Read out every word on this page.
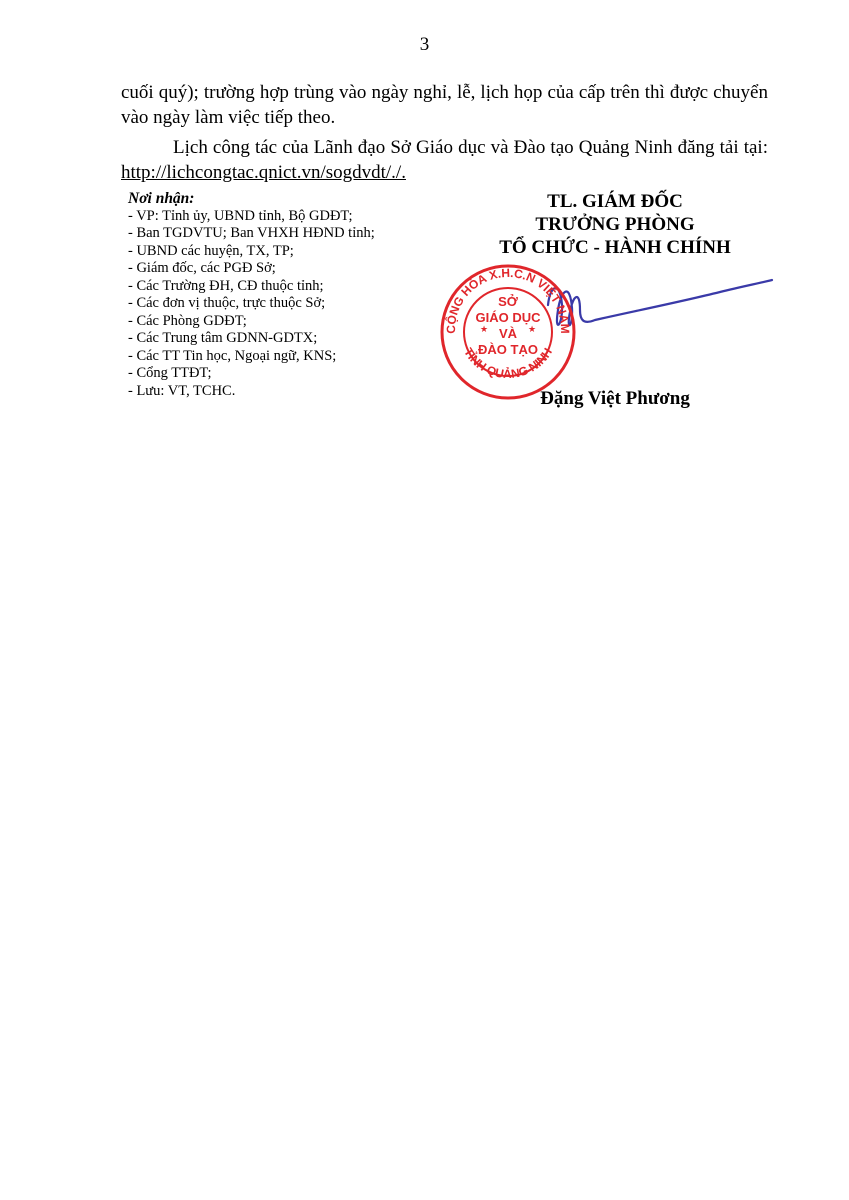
3

cuối quý); trường hợp trùng vào ngày nghỉ, lễ, lịch họp của cấp trên thì được chuyển vào ngày làm việc tiếp theo.

Lịch công tác của Lãnh đạo Sở Giáo dục và Đào tạo Quảng Ninh đăng tải tại: http://lichcongtac.qnict.vn/sogdvdt/./.

Nơi nhận:
- VP: Tỉnh ủy, UBND tỉnh, Bộ GDĐT;
- Ban TGDVTU; Ban VHXH HĐND tỉnh;
- UBND các huyện, TX, TP;
- Giám đốc, các PGĐ Sở;
- Các Trường ĐH, CĐ thuộc tỉnh;
- Các đơn vị thuộc, trực thuộc Sở;
- Các Phòng GDĐT;
- Các Trung tâm GDNN-GDTX;
- Các TT Tin học, Ngoại ngữ, KNS;
- Cổng TTĐT;
- Lưu: VT, TCHC.
TL. GIÁM ĐỐC
TRƯỞNG PHÒNG
TỔ CHỨC - HÀNH CHÍNH
CỘNG HÒA X.H.C.N VIỆT NAM
TỈNH QUẢNG NINH
★	★
SỞ
GIÁO DỤC
VÀ
ĐÀO TẠO
Đặng Việt Phương
